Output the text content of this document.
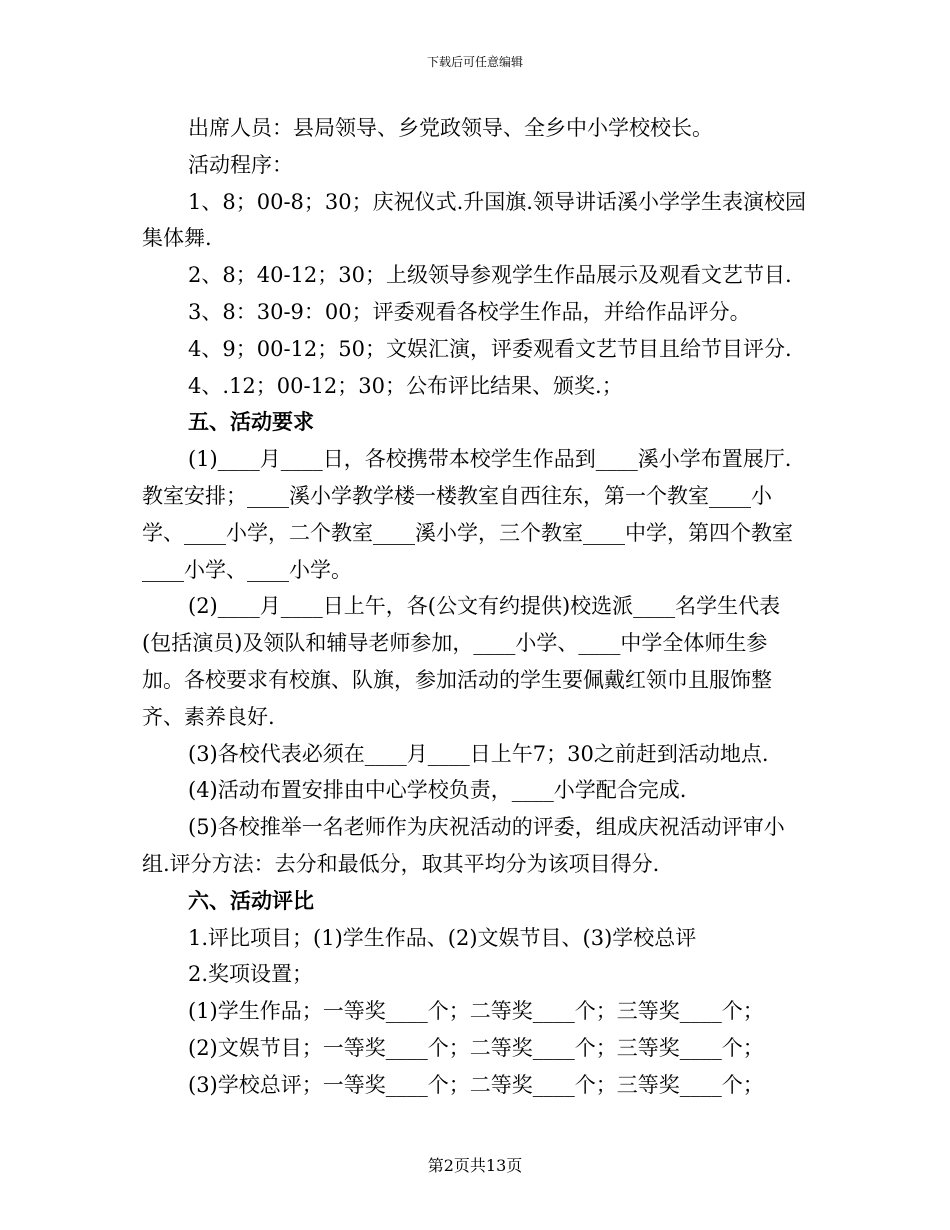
下载后可任意编辑

出席人员：县局领导、乡党政领导、全乡中小学校校长。

活动程序：

1、8；00-8；30；庆祝仪式.升国旗.领导讲话溪小学学生表演校园集体舞.

2、8；40-12；30；上级领导参观学生作品展示及观看文艺节目.

3、8：30-9：00；评委观看各校学生作品，并给作品评分。

4、9；00-12；50；文娱汇演，评委观看文艺节目且给节目评分.

4、.12；00-12；30；公布评比结果、颁奖.；

五、活动要求

(1)____月____日，各校携带本校学生作品到____溪小学布置展厅.教室安排；____溪小学教学楼一楼教室自西往东，第一个教室____小学、____小学，二个教室____溪小学，三个教室____中学，第四个教室____小学、____小学。

(2)____月____日上午，各(公文有约提供)校选派____名学生代表(包括演员)及领队和辅导老师参加，____小学、____中学全体师生参加。各校要求有校旗、队旗，参加活动的学生要佩戴红领巾且服饰整齐、素养良好.

(3)各校代表必须在____月____日上午7；30之前赶到活动地点.

(4)活动布置安排由中心学校负责，____小学配合完成.

(5)各校推举一名老师作为庆祝活动的评委，组成庆祝活动评审小组.评分方法：去分和最低分，取其平均分为该项目得分.

六、活动评比

1.评比项目；(1)学生作品、(2)文娱节目、(3)学校总评

2.奖项设置；

(1)学生作品；一等奖____个；二等奖____个；三等奖____个；

(2)文娱节目；一等奖____个；二等奖____个；三等奖____个；

(3)学校总评；一等奖____个；二等奖____个；三等奖____个；

第2页共13页
